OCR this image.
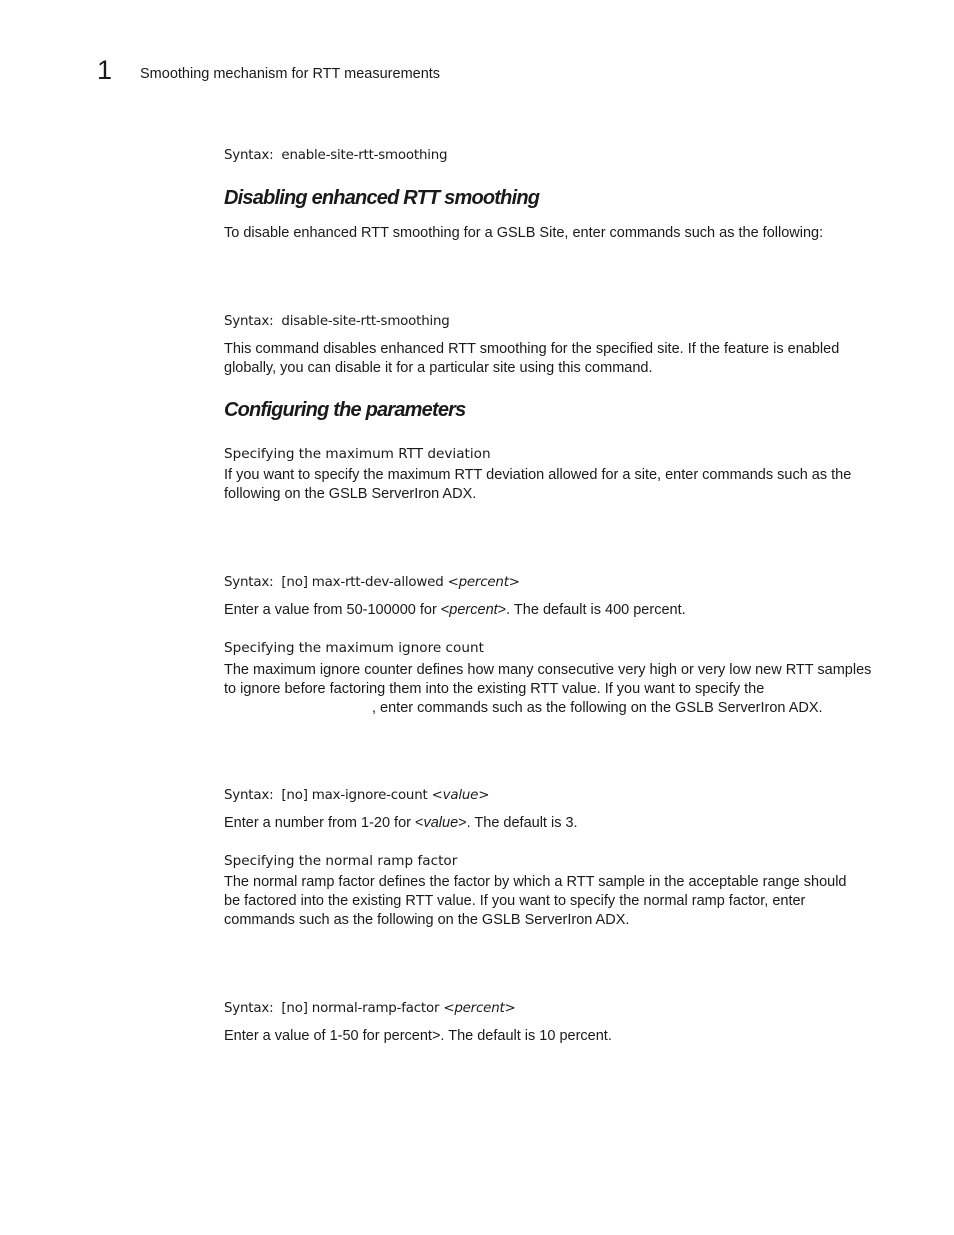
1 Smoothing mechanism for RTT measurements
Syntax: enable-site-rtt-smoothing
Disabling enhanced RTT smoothing
To disable enhanced RTT smoothing for a GSLB Site, enter commands such as the following:
Syntax: disable-site-rtt-smoothing
This command disables enhanced RTT smoothing for the specified site. If the feature is enabled
globally, you can disable it for a particular site using this command.
Configuring the parameters
Specifying the maximum RTT deviation
If you want to specify the maximum RTT deviation allowed for a site, enter commands such as the
following on the GSLB ServerIron ADX.
Syntax: [no] max-rtt-dev-allowed <percent>
Enter a value from 50-100000 for <percent>. The default is 400 percent.
Specifying the maximum ignore count
The maximum ignore counter defines how many consecutive very high or very low new RTT samples
to ignore before factoring them into the existing RTT value. If you want to specify the
, enter commands such as the following on the GSLB ServerIron ADX.
Syntax: [no] max-ignore-count <value>
Enter a number from 1-20 for <value>. The default is 3.
Specifying the normal ramp factor
The normal ramp factor defines the factor by which a RTT sample in the acceptable range should
be factored into the existing RTT value. If you want to specify the normal ramp factor, enter
commands such as the following on the GSLB ServerIron ADX.
Syntax: [no] normal-ramp-factor <percent>
Enter a value of 1-50 for percent>. The default is 10 percent.
